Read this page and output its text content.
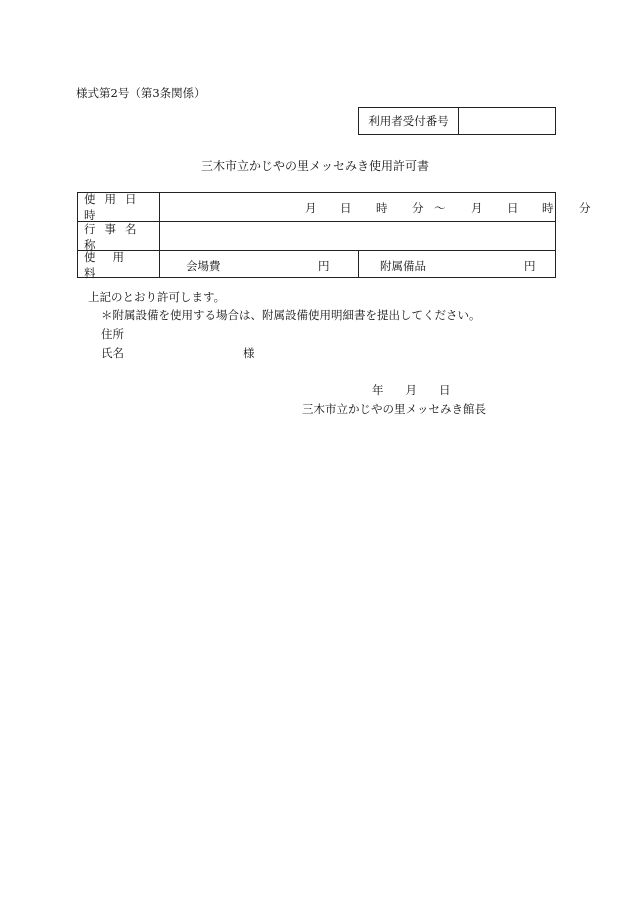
様式第2号（第3条関係）
利用者受付番号
三木市立かじやの里メッセみき使用許可書
使用日時	月 日 時 分 ～ 月 日 時 分
行事名称
使用料	会場費	円	附属備品	円
上記のとおり許可します。
＊附属設備を使用する場合は、附属設備使用明細書を提出してください。
住所
氏名	様
年 月 日
三木市立かじやの里メッセみき館長
